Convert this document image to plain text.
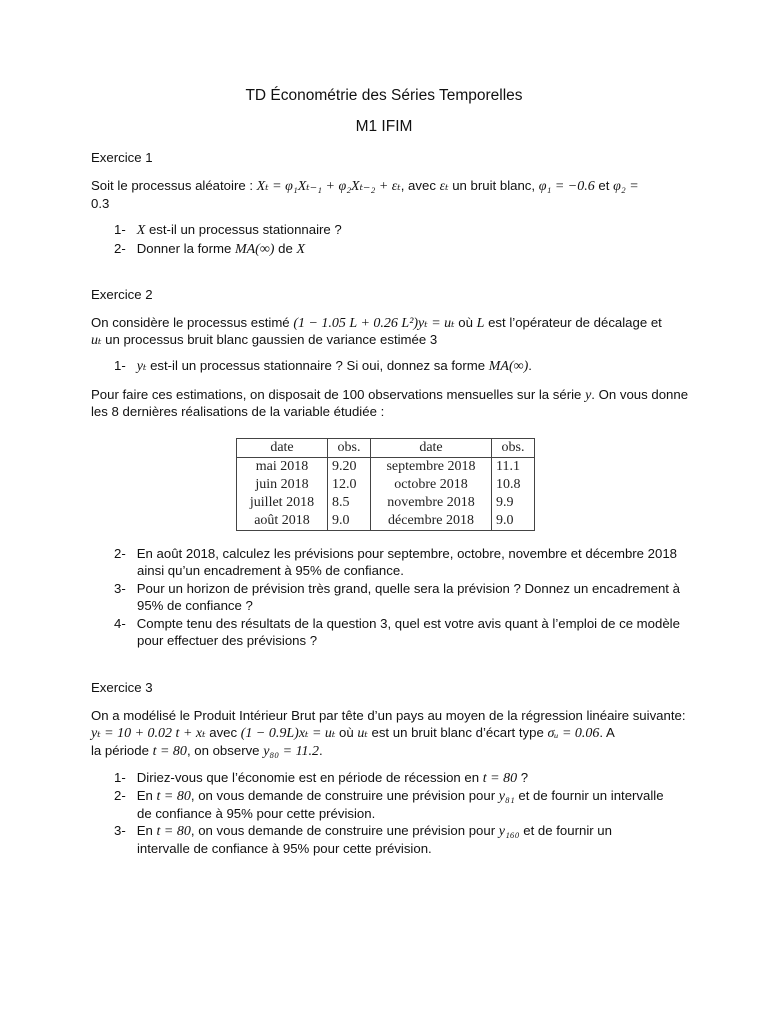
TD Économétrie des Séries Temporelles
M1 IFIM
Exercice 1
Soit le processus aléatoire : Xₜ = φ₁Xₜ₋₁ + φ₂Xₜ₋₂ + εₜ, avec εₜ un bruit blanc, φ₁ = −0.6 et φ₂ =
0.3
1- X est-il un processus stationnaire ?
2- Donner la forme MA(∞) de X
Exercice 2
On considère le processus estimé (1 − 1.05 L + 0.26 L²)yₜ = uₜ où L est l’opérateur de décalage et
uₜ un processus bruit blanc gaussien de variance estimée 3
1- yₜ est-il un processus stationnaire ? Si oui, donnez sa forme MA(∞).
Pour faire ces estimations, on disposait de 100 observations mensuelles sur la série y. On vous donne
les 8 dernières réalisations de la variable étudiée :
date	obs.	date	obs.
mai 2018	9.20	septembre 2018	11.1
juin 2018	12.0	octobre 2018	10.8
juillet 2018	8.5	novembre 2018	9.9
août 2018	9.0	décembre 2018	9.0
2- En août 2018, calculez les prévisions pour septembre, octobre, novembre et décembre 2018
ainsi qu’un encadrement à 95% de confiance.
3- Pour un horizon de prévision très grand, quelle sera la prévision ? Donnez un encadrement à
95% de confiance ?
4- Compte tenu des résultats de la question 3, quel est votre avis quant à l’emploi de ce modèle
pour effectuer des prévisions ?
Exercice 3
On a modélisé le Produit Intérieur Brut par tête d’un pays au moyen de la régression linéaire suivante:
yₜ = 10 + 0.02 t + xₜ avec (1 − 0.9L)xₜ = uₜ où uₜ est un bruit blanc d’écart type σᵤ = 0.06. A
la période t = 80, on observe y₈₀ = 11.2.
1- Diriez-vous que l’économie est en période de récession en t = 80 ?
2- En t = 80, on vous demande de construire une prévision pour y₈₁ et de fournir un intervalle
de confiance à 95% pour cette prévision.
3- En t = 80, on vous demande de construire une prévision pour y₁₆₀ et de fournir un
intervalle de confiance à 95% pour cette prévision.
